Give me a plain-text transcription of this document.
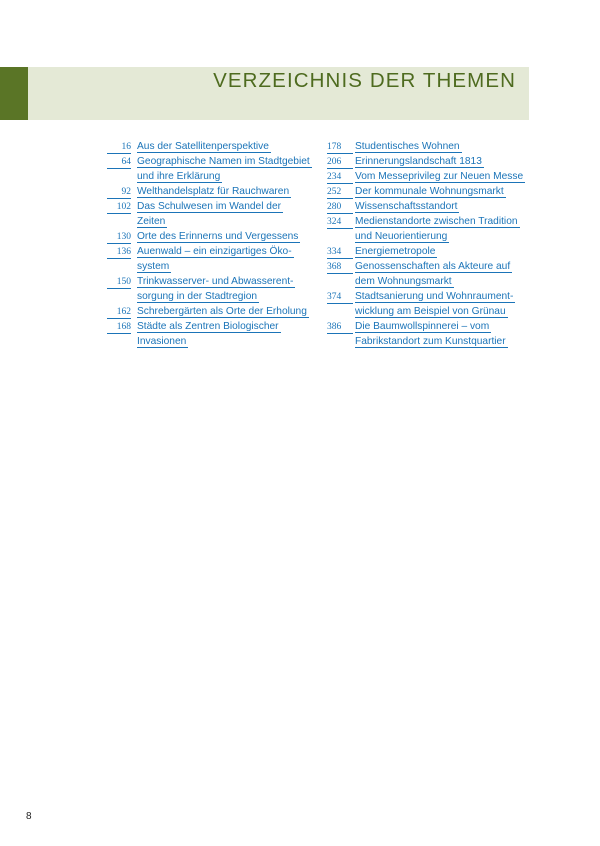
VERZEICHNIS DER THEMEN
16 Aus der Satellitenperspektive
64 Geographische Namen im Stadtgebiet
und ihre Erklärung
92 Welthandelsplatz für Rauchwaren
102 Das Schulwesen im Wandel der
Zeiten
130 Orte des Erinnerns und Vergessens
136 Auenwald – ein einzigartiges Öko-
system
150 Trinkwasserver- und Abwasserent-
sorgung in der Stadtregion
162 Schrebergärten als Orte der Erholung
168 Städte als Zentren Biologischer
Invasionen
178	Studentisches Wohnen
206	Erinnerungslandschaft 1813
234	Vom Messeprivileg zur Neuen Messe
252	Der kommunale Wohnungsmarkt
280	Wissenschaftsstandort
324	Medienstandorte zwischen Tradition
und Neuorientierung
334	Energiemetropole
368	Genossenschaften als Akteure auf
dem Wohnungsmarkt
374	Stadtsanierung und Wohnraument-
wicklung am Beispiel von Grünau
386	Die Baumwollspinnerei – vom
Fabrikstandort zum Kunstquartier
8
